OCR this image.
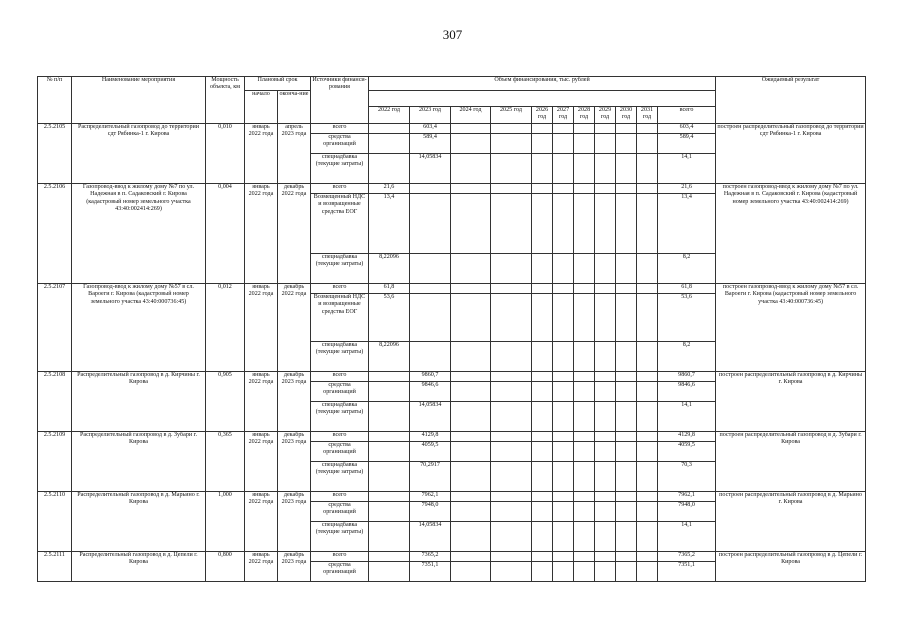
307
№ п/п	Наименование мероприятия	Мощность объекта, км	Плановый срок		Источники финанси-рования	Объем финансирования, тыс. рублей											Ожидаемый результат
			начало	оконча-ние													
						2022 год	2023 год	2024 год	2025 год	2026 год	2027 год	2028 год	2029 год	2030 год	2031 год	всего	
2.5.2105	Распределительный газопровод до территории сдт Рябинка-1 г. Кирова	0,010	январь 2022 года	апрель 2023 года	всего		603,4									603,4	построен распределительный газопровод до территории сдт Рябинка-1 г. Кирова
					средства организаций		589,4									589,4	
					спецнадбавка (текущие затраты)		14,05834									14,1	
2.5.2106	Газопровод-ввод к жилому дому №7 по ул. Надежная в п. Садаковский г. Кирова (кадастровый номер земельного участка 43:40:002414:269)	0,004	январь 2022 года	декабрь 2022 года	всего	21,6										21,6	построен газопровод-ввод к жилому дому №7 по ул. Надежная в п. Садаковский г. Кирова (кадастровый номер земельного участка 43:40:002414:269)
					Возмещенный НДС и возвращенные средства ЕОГ	13,4										13,4	
					спецнадбавка (текущие затраты)	8,22096										8,2	
2.5.2107	Газопровод-ввод к жилому дому №57 в сл. Вароеги г. Кирова (кадастровый номер земельного участка 43:40:000736:45)	0,012	январь 2022 года	декабрь 2022 года	всего	61,8										61,8	построен газопровод-ввод к жилому дому №57 в сл. Вароеги г. Кирова (кадастровый номер земельного участка 43:40:000736:45)
					Возмещенный НДС и возвращенные средства ЕОГ	53,6										53,6	
					спецнадбавка (текущие затраты)	8,22096										8,2	
2.5.2108	Распределительный газопровод в д. Кирчины г. Кирова	0,905	январь 2022 года	декабрь 2023 года	всего		9860,7									9860,7	построен распределительный газопровод в д. Кирчины г. Кирова
					средства организаций		9846,6									9846,6	
					спецнадбавка (текущие затраты)		14,05834									14,1	
2.5.2109	Распределительный газопровод в д. Зубари г. Кирова	0,365	январь 2022 года	декабрь 2023 года	всего		4129,8									4129,8	построен распределительный газопровод в д. Зубари г. Кирова
					средства организаций		4059,5									4059,5	
					спецнадбавка (текущие затраты)		70,2917									70,3	
2.5.2110	Распределительный газопровод в д. Марьино г. Кирова	1,000	январь 2022 года	декабрь 2023 года	всего		7962,1									7962,1	построен распределительный газопровод в д. Марьино г. Кирова
					средства организаций		7948,0									7948,0	
					спецнадбавка (текущие затраты)		14,05834									14,1	
2.5.2111	Распределительный газопровод в д. Цепели г. Кирова	0,800	январь 2022 года	декабрь 2023 года	всего		7365,2									7365,2	построен распределительный газопровод в д. Цепели г. Кирова
					средства организаций		7351,1									7351,1	
